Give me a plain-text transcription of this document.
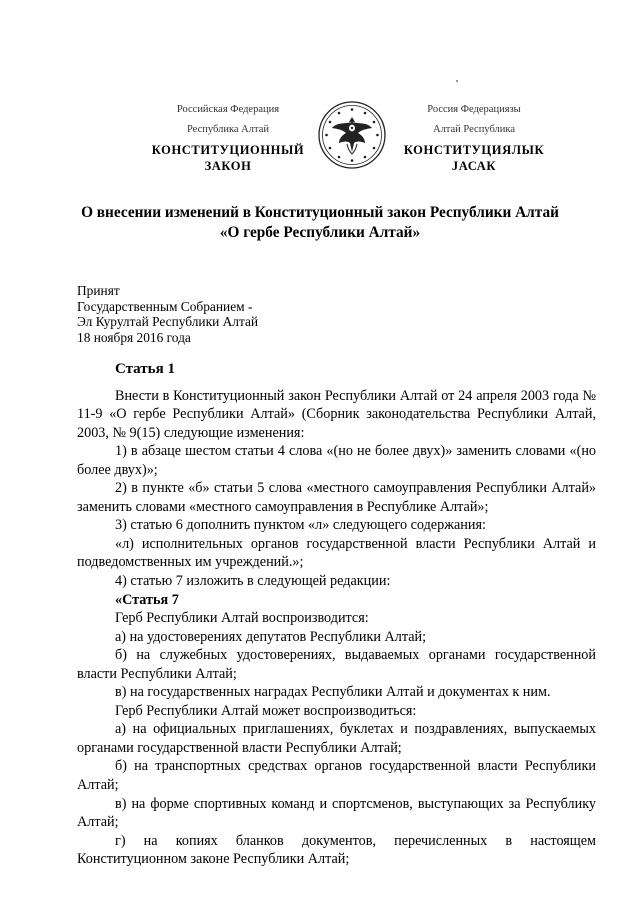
Российская Федерация
Республика Алтай
КОНСТИТУЦИОННЫЙ
ЗАКОН
Россия Федерациязы
Алтай Республика
КОНСТИТУЦИЯЛЫК
JАСАК
О внесении изменений в Конституционный закон Республики Алтай
«О гербе Республики Алтай»
Принят
Государственным Собранием -
Эл Курултай Республики Алтай
18 ноября 2016 года

Статья 1

Внести в Конституционный закон Республики Алтай от 24 апреля 2003 года № 11-9 «О гербе Республики Алтай» (Сборник законодательства Республики Алтай, 2003, № 9(15) следующие изменения:

1) в абзаце шестом статьи 4 слова «(но не более двух)» заменить словами «(но более двух)»;

2) в пункте «б» статьи 5 слова «местного самоуправления Республики Алтай» заменить словами «местного самоуправления в Республике Алтай»;

3) статью 6 дополнить пунктом «л» следующего содержания:

«л) исполнительных органов государственной власти Республики Алтай и подведомственных им учреждений.»;

4) статью 7 изложить в следующей редакции:

«Статья 7

Герб Республики Алтай воспроизводится:

а) на удостоверениях депутатов Республики Алтай;

б) на служебных удостоверениях, выдаваемых органами государственной власти Республики Алтай;

в) на государственных наградах Республики Алтай и документах к ним.

Герб Республики Алтай может воспроизводиться:

а) на официальных приглашениях, буклетах и поздравлениях, выпускаемых органами государственной власти Республики Алтай;

б) на транспортных средствах органов государственной власти Республики Алтай;

в) на форме спортивных команд и спортсменов, выступающих за Республику Алтай;

г) на копиях бланков документов, перечисленных в настоящем Конституционном законе Республики Алтай;
